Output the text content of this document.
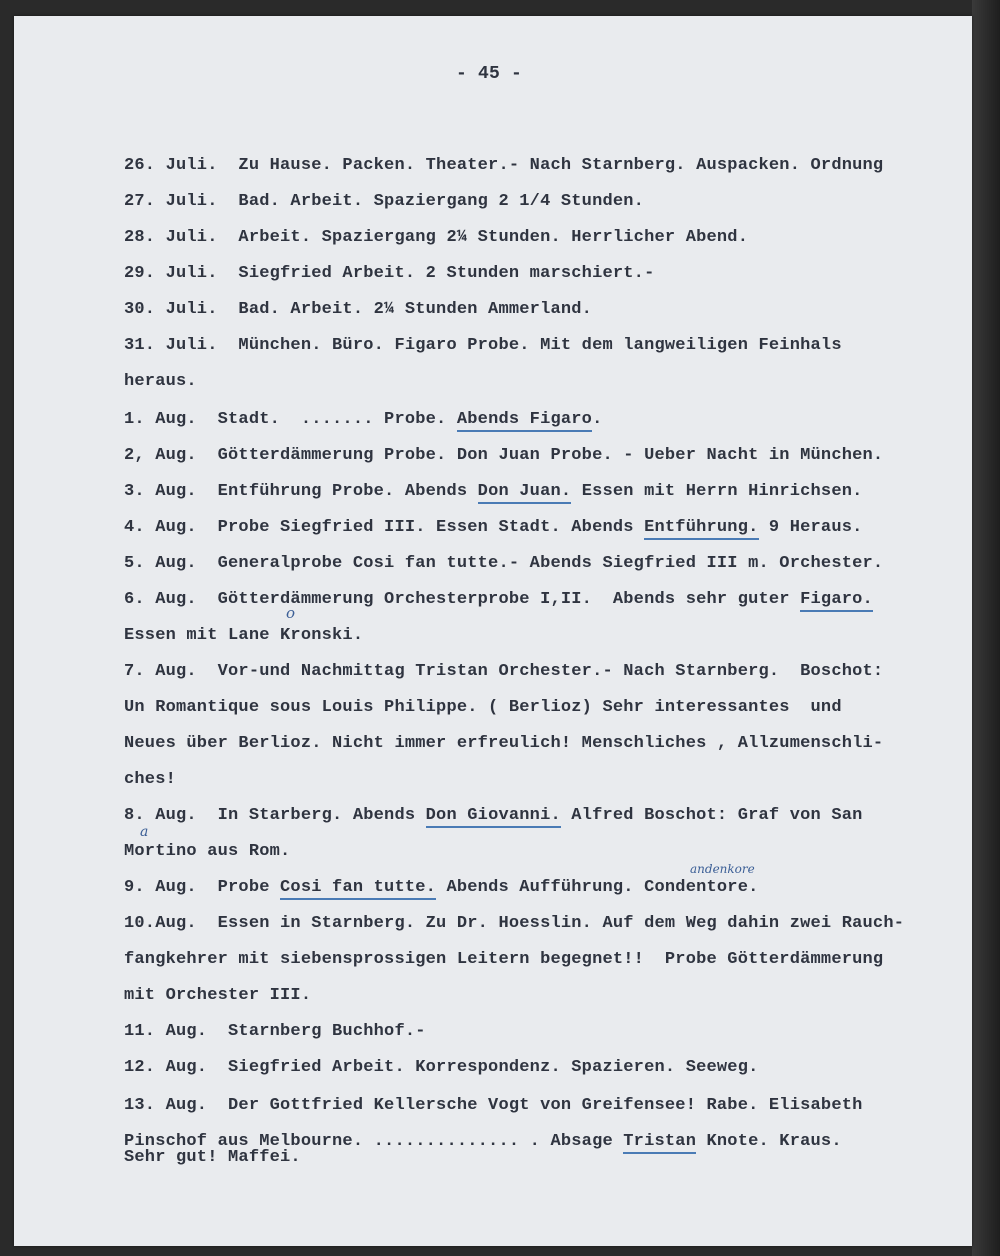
- 45 -
26. Juli.  Zu Hause. Packen. Theater.- Nach Starnberg. Auspacken. Ordnung
27. Juli.  Bad. Arbeit. Spaziergang 2 1/4 Stunden.
28. Juli.  Arbeit. Spaziergang 2¼ Stunden. Herrlicher Abend.
29. Juli.  Siegfried Arbeit. 2 Stunden marschiert.-
30. Juli.  Bad. Arbeit. 2¼ Stunden Ammerland.
31. Juli.  München. Büro. Figaro Probe. Mit dem langweiligen Feinhals
heraus.
1. Aug.  Stadt.  ....... Probe. Abends Figaro.
2, Aug.  Götterdämmerung Probe. Don Juan Probe. - Ueber Nacht in München.
3. Aug.  Entführung Probe. Abends Don Juan. Essen mit Herrn Hinrichsen.
4. Aug.  Probe Siegfried III. Essen Stadt. Abends Entführung. 9 Heraus.
5. Aug.  Generalprobe Cosi fan tutte.- Abends Siegfried III m. Orchester.
6. Aug.  Götterdämmerung Orchesterprobe I,II.  Abends sehr guter Figaro.
Essen mit Lane Kronski.
7. Aug.  Vor-und Nachmittag Tristan Orchester.- Nach Starnberg.  Boschot:
Un Romantique sous Louis Philippe. ( Berlioz) Sehr interessantes  und
Neues über Berlioz. Nicht immer erfreulich! Menschliches , Allzumenschli-
ches!
8. Aug.  In Starberg. Abends Don Giovanni. Alfred Boschot: Graf von San
Mortino aus Rom.
9. Aug.  Probe Cosi fan tutte. Abends Aufführung. Condentore.
10.Aug.  Essen in Starnberg. Zu Dr. Hoesslin. Auf dem Weg dahin zwei Rauch-
fangkehrer mit siebensprossigen Leitern begegnet!!  Probe Götterdämmerung
mit Orchester III.
11. Aug.  Starnberg Buchhof.-
12. Aug.  Siegfried Arbeit. Korrespondenz. Spazieren. Seeweg.
13. Aug.  Der Gottfried Kellersche Vogt von Greifensee! Rabe. Elisabeth
Pinschof aus Melbourne. .............. . Absage Tristan Knote. Kraus.
Sehr gut! Maffei.
o
a
andenkore
